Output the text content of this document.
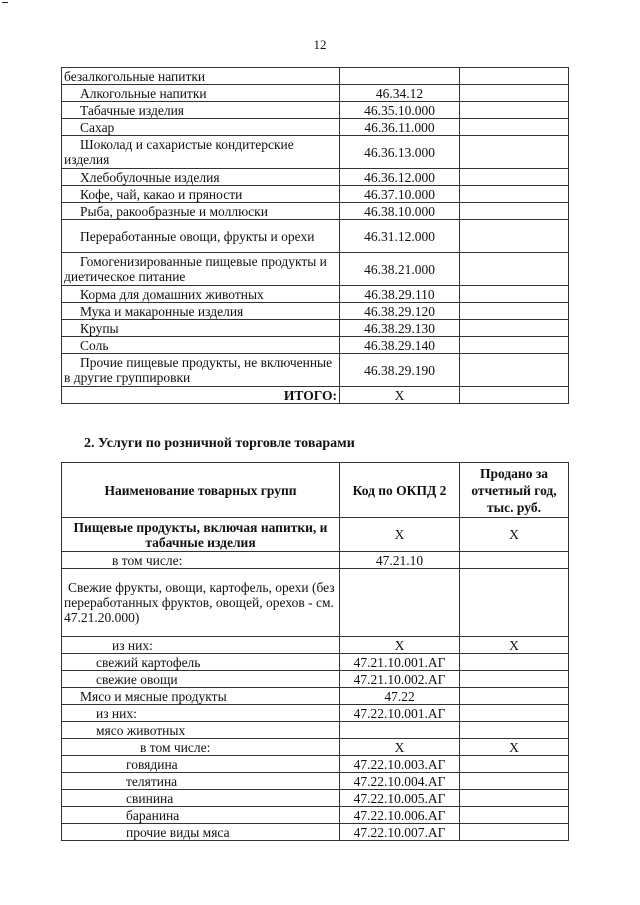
12
безалкогольные напитки		
Алкогольные напитки	46.34.12	
Табачные изделия	46.35.10.000	
Сахар	46.36.11.000	
Шоколад и сахаристые кондитерские изделия	46.36.13.000	
Хлебобулочные изделия	46.36.12.000	
Кофе, чай, какао и пряности	46.37.10.000	
Рыба, ракообразные и моллюски	46.38.10.000	
Переработанные овощи, фрукты и орехи	46.31.12.000	
Гомогенизированные пищевые продукты и диетическое питание	46.38.21.000	
Корма для домашних животных	46.38.29.110	
Мука и макаронные изделия	46.38.29.120	
Крупы	46.38.29.130	
Соль	46.38.29.140	
Прочие пищевые продукты, не включенные в другие группировки	46.38.29.190	
ИТОГО:	X	
2. Услуги по розничной торговле товарами
Наименование товарных групп	Код по ОКПД 2	Продано за отчетный год, тыс. руб.
Пищевые продукты, включая напитки, и табачные изделия	X	X
в том числе:	47.21.10	
Свежие фрукты, овощи, картофель, орехи (без переработанных фруктов, овощей, орехов - см. 47.21.20.000)		
из них:	X	X
свежий картофель	47.21.10.001.АГ	
свежие овощи	47.21.10.002.АГ	
Мясо и мясные продукты	47.22	
из них:	47.22.10.001.АГ	
мясо животных		
в том числе:	X	X
говядина	47.22.10.003.АГ	
телятина	47.22.10.004.АГ	
свинина	47.22.10.005.АГ	
баранина	47.22.10.006.АГ	
прочие виды мяса	47.22.10.007.АГ	
